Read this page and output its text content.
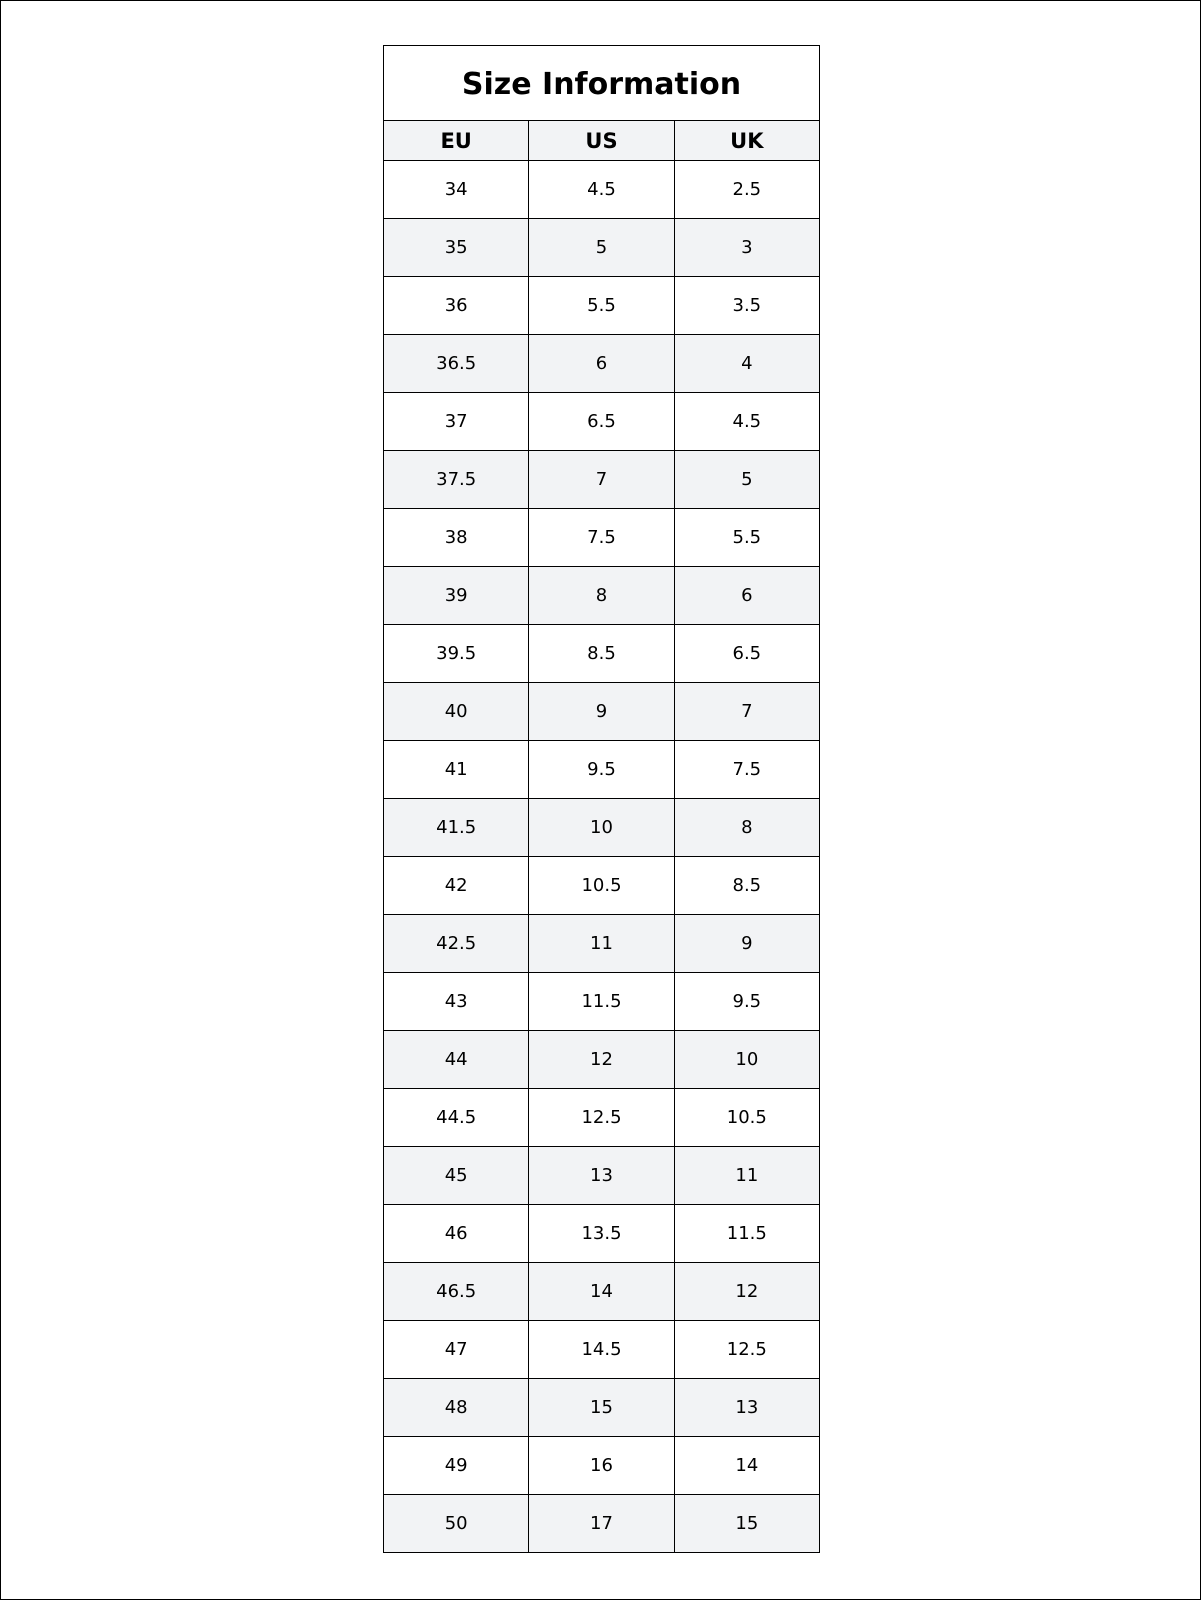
Size Information		
EU	US	UK
34	4.5	2.5
35	5	3
36	5.5	3.5
36.5	6	4
37	6.5	4.5
37.5	7	5
38	7.5	5.5
39	8	6
39.5	8.5	6.5
40	9	7
41	9.5	7.5
41.5	10	8
42	10.5	8.5
42.5	11	9
43	11.5	9.5
44	12	10
44.5	12.5	10.5
45	13	11
46	13.5	11.5
46.5	14	12
47	14.5	12.5
48	15	13
49	16	14
50	17	15
